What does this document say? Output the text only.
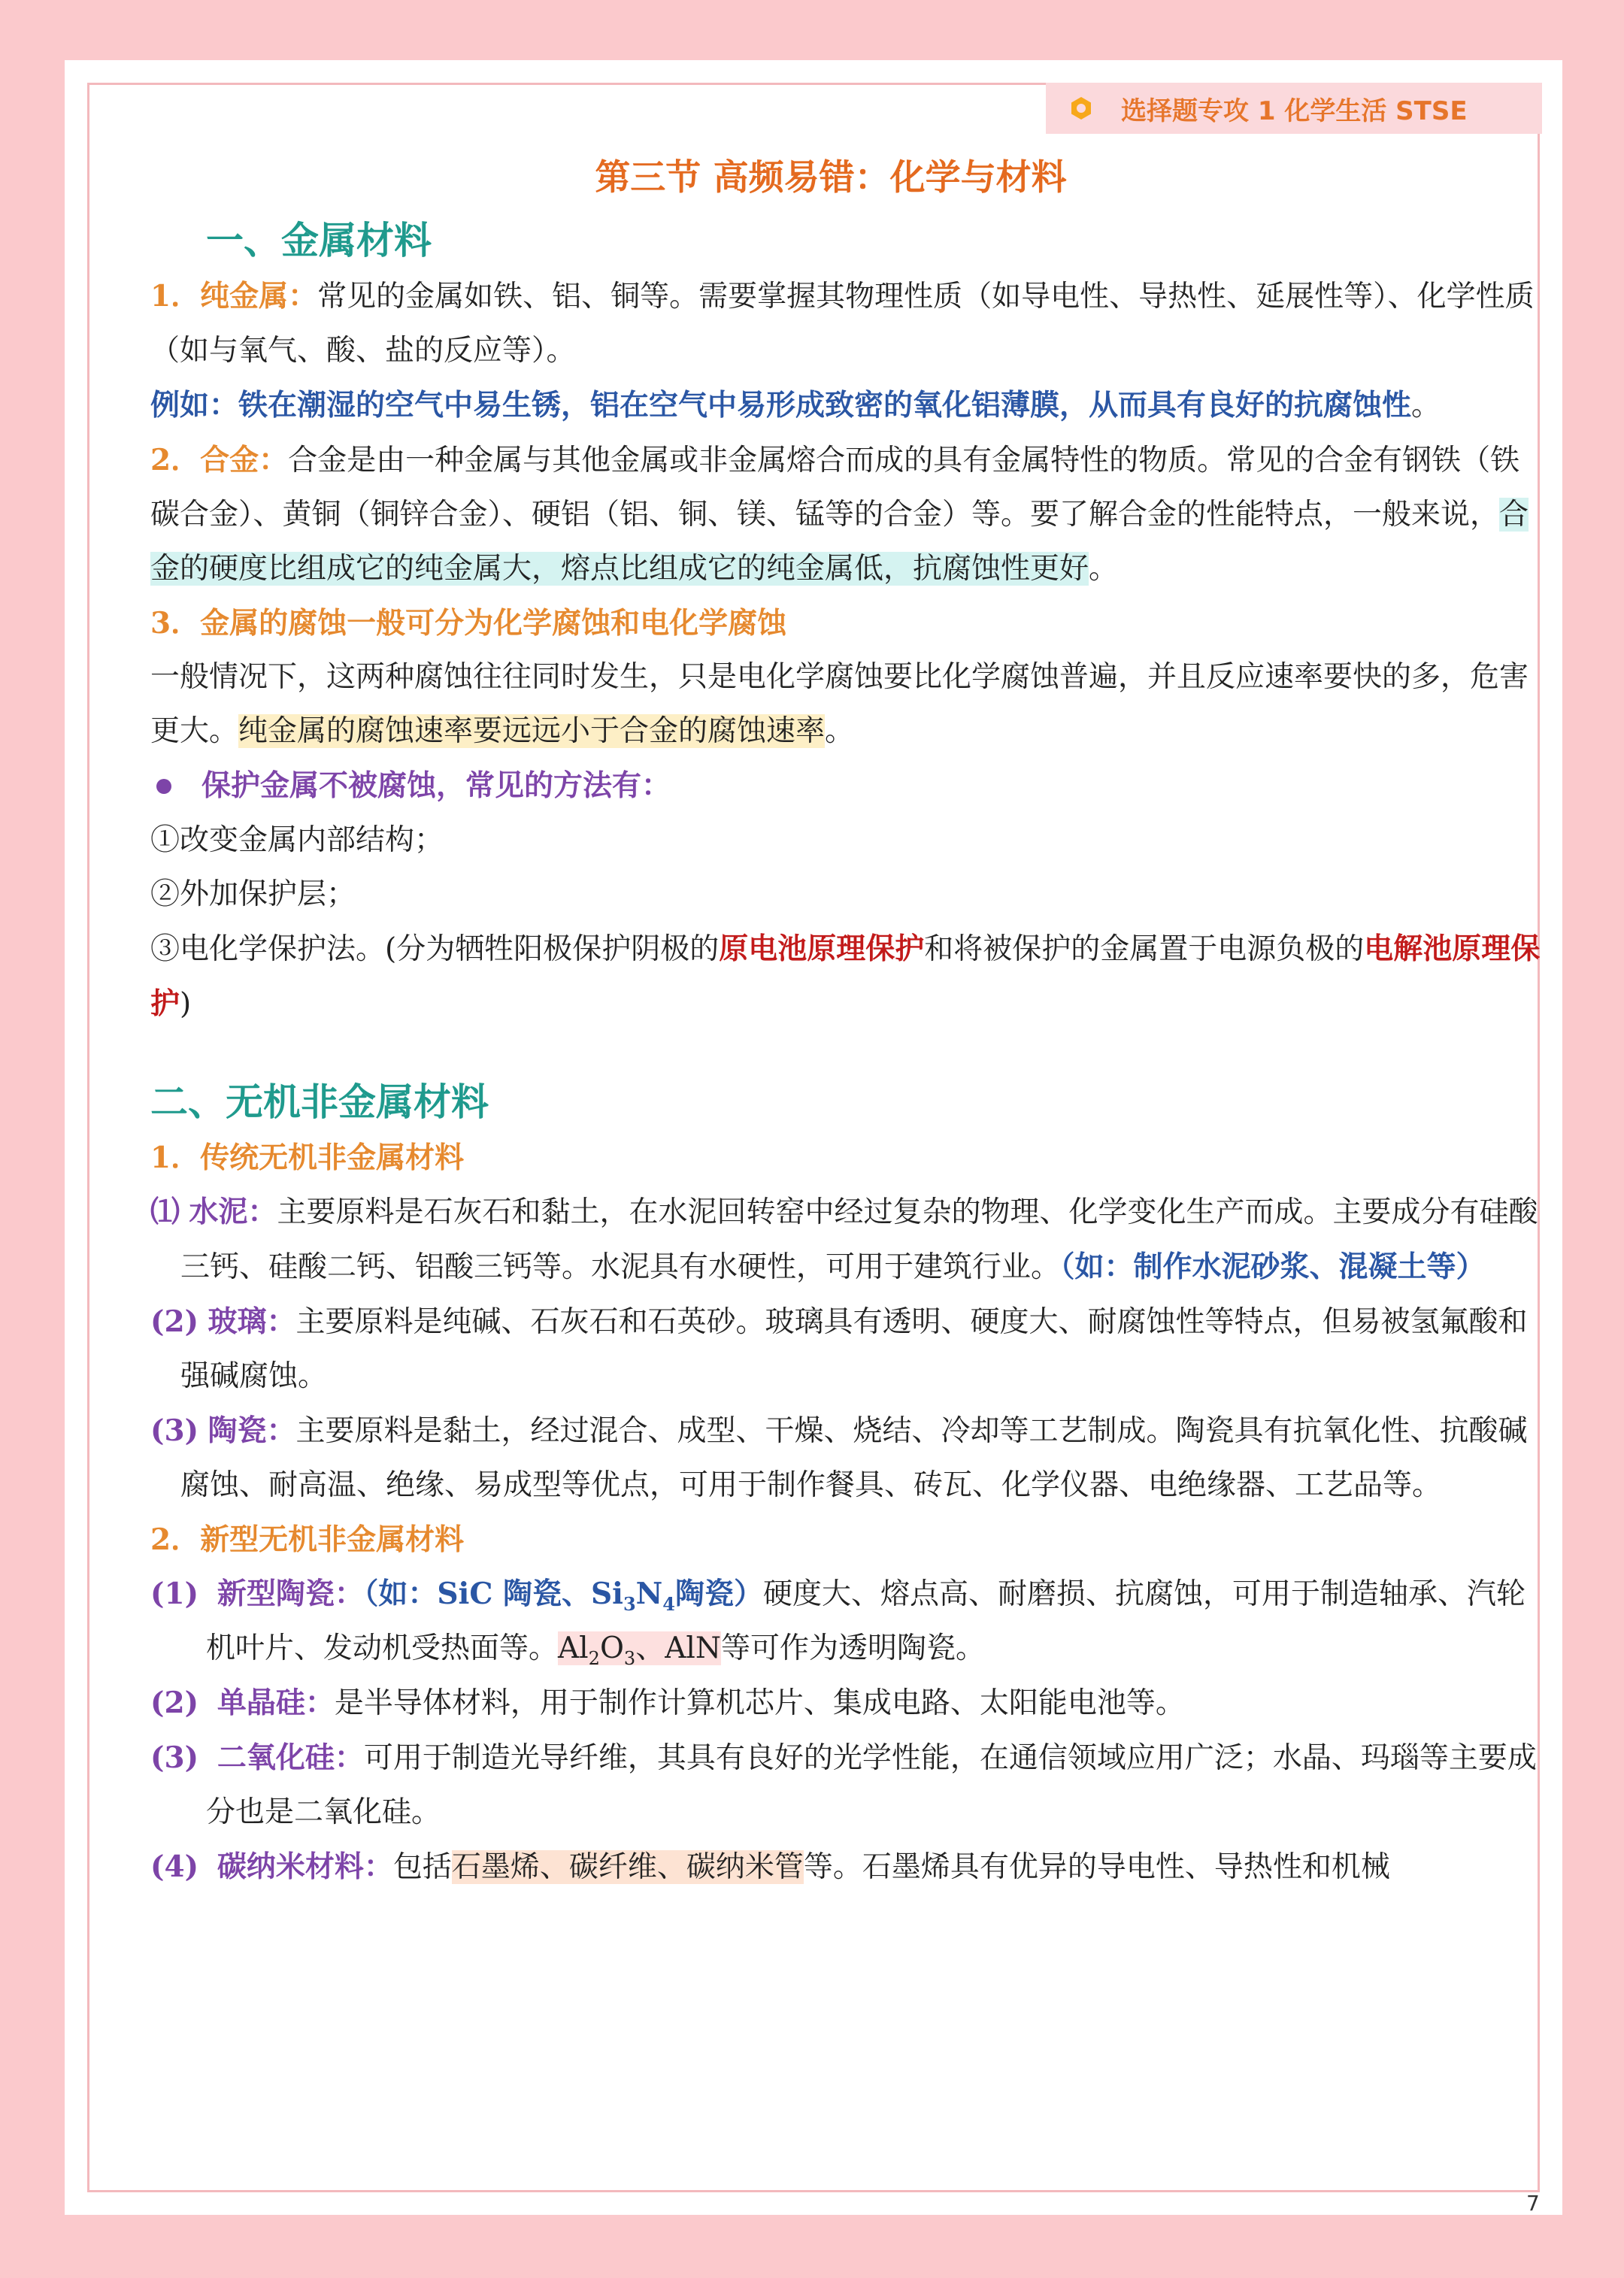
选择题专攻 1 化学生活 STSE
第三节 高频易错：化学与材料
一、金属材料

1．纯金属：常见的金属如铁、铝、铜等。需要掌握其物理性质（如导电性、导热性、延展性等）、化学性质（如与氧气、酸、盐的反应等）。

例如：铁在潮湿的空气中易生锈，铝在空气中易形成致密的氧化铝薄膜，从而具有良好的抗腐蚀性。

2．合金：合金是由一种金属与其他金属或非金属熔合而成的具有金属特性的物质。常见的合金有钢铁（铁碳合金）、黄铜（铜锌合金）、硬铝（铝、铜、镁、锰等的合金）等。要了解合金的性能特点，一般来说，合金的硬度比组成它的纯金属大，熔点比组成它的纯金属低，抗腐蚀性更好。

3．金属的腐蚀一般可分为化学腐蚀和电化学腐蚀

一般情况下，这两种腐蚀往往同时发生，只是电化学腐蚀要比化学腐蚀普遍，并且反应速率要快的多，危害更大。纯金属的腐蚀速率要远远小于合金的腐蚀速率。

保护金属不被腐蚀，常见的方法有：

①改变金属内部结构；

②外加保护层；

③电化学保护法。(分为牺牲阳极保护阴极的原电池原理保护和将被保护的金属置于电源负极的电解池原理保护)

二、无机非金属材料

1．传统无机非金属材料

⑴ 水泥：主要原料是石灰石和黏土，在水泥回转窑中经过复杂的物理、化学变化生产而成。主要成分有硅酸三钙、硅酸二钙、铝酸三钙等。水泥具有水硬性，可用于建筑行业。（如：制作水泥砂浆、混凝土等）

(2) 玻璃：主要原料是纯碱、石灰石和石英砂。玻璃具有透明、硬度大、耐腐蚀性等特点，但易被氢氟酸和强碱腐蚀。

(3) 陶瓷：主要原料是黏土，经过混合、成型、干燥、烧结、冷却等工艺制成。陶瓷具有抗氧化性、抗酸碱腐蚀、耐高温、绝缘、易成型等优点，可用于制作餐具、砖瓦、化学仪器、电绝缘器、工艺品等。

2．新型无机非金属材料

(1) 新型陶瓷：（如：SiC 陶瓷、$Si_3N_4$陶瓷）硬度大、熔点高、耐磨损、抗腐蚀，可用于制造轴承、汽轮机叶片、发动机受热面等。$Al_2O_3$、AlN等可作为透明陶瓷。

(2) 单晶硅：是半导体材料，用于制作计算机芯片、集成电路、太阳能电池等。

(3) 二氧化硅：可用于制造光导纤维，其具有良好的光学性能，在通信领域应用广泛；水晶、玛瑙等主要成分也是二氧化硅。

(4) 碳纳米材料：包括石墨烯、碳纤维、碳纳米管等。石墨烯具有优异的导电性、导热性和机械

7
